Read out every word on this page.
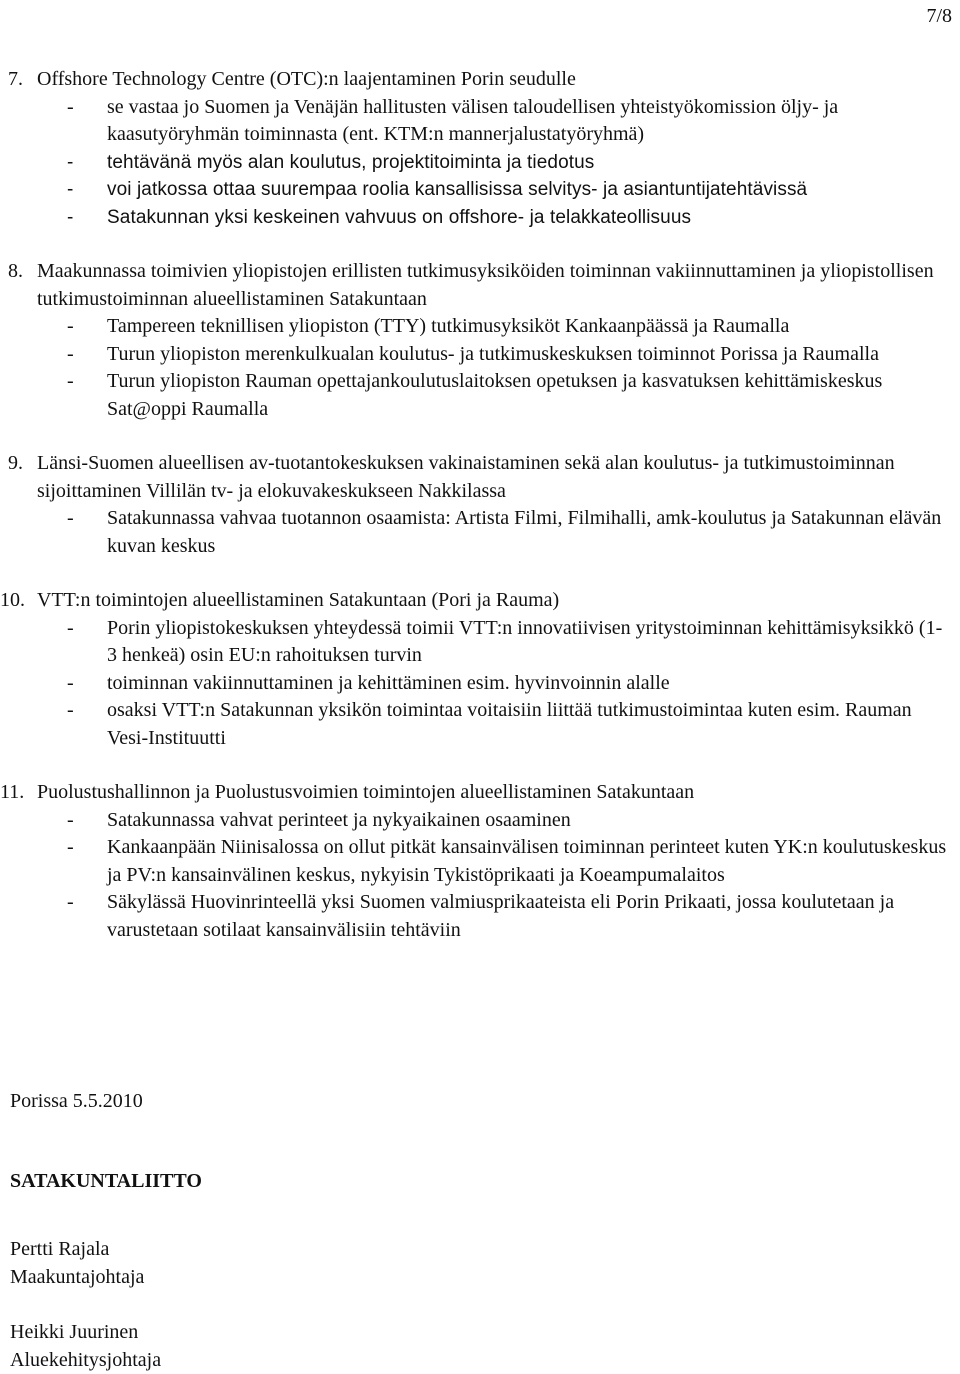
7/8
7. Offshore Technology Centre (OTC):n laajentaminen Porin seudulle
- se vastaa jo Suomen ja Venäjän hallitusten välisen taloudellisen yhteistyökomission öljy- ja kaasutyöryhmän toiminnasta (ent. KTM:n mannerjalustatyöryhmä)
- tehtävänä myös alan koulutus, projektitoiminta ja tiedotus
- voi jatkossa ottaa suurempaa roolia kansallisissa selvitys- ja asiantuntijatehtävissä
- Satakunnan yksi keskeinen vahvuus on offshore- ja telakkateollisuus
8. Maakunnassa toimivien yliopistojen erillisten tutkimusyksiköiden toiminnan vakiinnuttaminen ja yliopistollisen tutkimustoiminnan alueellistaminen Satakuntaan
- Tampereen teknillisen yliopiston (TTY) tutkimusyksiköt Kankaanpäässä ja Raumalla
- Turun yliopiston merenkulkualan koulutus- ja tutkimuskeskuksen toiminnot Porissa ja Raumalla
- Turun yliopiston Rauman opettajankoulutuslaitoksen opetuksen ja kasvatuksen kehittämiskeskus Sat@oppi Raumalla
9. Länsi-Suomen alueellisen av-tuotantokeskuksen vakinaistaminen sekä alan koulutus- ja tutkimustoiminnan sijoittaminen Villilän tv- ja elokuvakeskukseen Nakkilassa
- Satakunnassa vahvaa tuotannon osaamista: Artista Filmi, Filmihalli, amk-koulutus ja Satakunnan elävän kuvan keskus
10. VTT:n toimintojen alueellistaminen Satakuntaan (Pori ja Rauma)
- Porin yliopistokeskuksen yhteydessä toimii VTT:n innovatiivisen yritystoiminnan kehittämisyksikkö (1-3 henkeä) osin EU:n rahoituksen turvin
- toiminnan vakiinnuttaminen ja kehittäminen esim. hyvinvoinnin alalle
- osaksi VTT:n Satakunnan yksikön toimintaa voitaisiin liittää tutkimustoimintaa kuten esim. Rauman Vesi-Instituutti
11. Puolustushallinnon ja Puolustusvoimien toimintojen alueellistaminen Satakuntaan
- Satakunnassa vahvat perinteet ja nykyaikainen osaaminen
- Kankaanpään Niinisalossa on ollut pitkät kansainvälisen toiminnan perinteet kuten YK:n koulutuskeskus ja PV:n kansainvälinen keskus, nykyisin Tykistöprikaati ja Koeampumalaitos
- Säkylässä Huovinrinteellä yksi Suomen valmiusprikaateista eli Porin Prikaati, jossa koulutetaan ja varustetaan sotilaat kansainvälisiin tehtäviin
Porissa 5.5.2010
SATAKUNTALIITTO
Pertti Rajala
Maakuntajohtaja
Heikki Juurinen
Aluekehitysjohtaja
